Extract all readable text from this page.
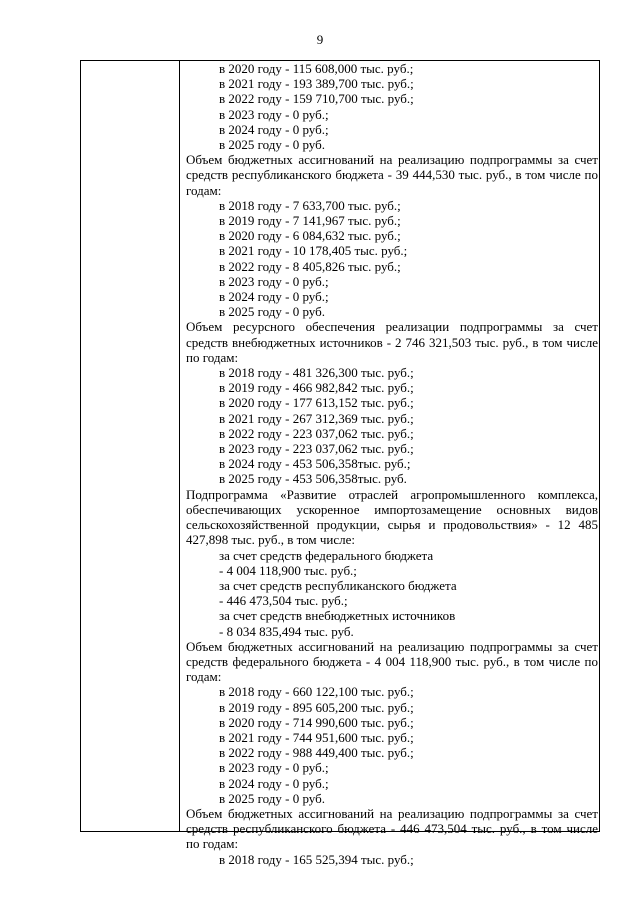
9
в 2020 году - 115 608,000 тыс. руб.;
в 2021 году - 193 389,700 тыс. руб.;
в 2022 году - 159 710,700 тыс. руб.;
в 2023 году - 0 руб.;
в 2024 году - 0 руб.;
в 2025 году - 0 руб.
Объем бюджетных ассигнований на реализацию подпрограммы за счет средств республиканского бюджета - 39 444,530 тыс. руб., в том числе по годам:
в 2018 году - 7 633,700 тыс. руб.;
в 2019 году - 7 141,967 тыс. руб.;
в 2020 году - 6 084,632 тыс. руб.;
в 2021 году - 10 178,405 тыс. руб.;
в 2022 году - 8 405,826 тыс. руб.;
в 2023 году - 0 руб.;
в 2024 году - 0 руб.;
в 2025 году - 0 руб.
Объем ресурсного обеспечения реализации подпрограммы за счет средств внебюджетных источников - 2 746 321,503 тыс. руб., в том числе по годам:
в 2018 году - 481 326,300 тыс. руб.;
в 2019 году - 466 982,842 тыс. руб.;
в 2020 году - 177 613,152 тыс. руб.;
в 2021 году - 267 312,369 тыс. руб.;
в 2022 году - 223 037,062 тыс. руб.;
в 2023 году - 223 037,062 тыс. руб.;
в 2024 году - 453 506,358тыс. руб.;
в 2025 году - 453 506,358тыс. руб.
Подпрограмма «Развитие отраслей агропромышленного комплекса, обеспечивающих ускоренное импортозамещение основных видов сельскохозяйственной продукции, сырья и продовольствия» - 12 485 427,898 тыс. руб., в том числе:
за счет средств федерального бюджета
- 4 004 118,900 тыс. руб.;
за счет средств республиканского бюджета
- 446 473,504 тыс. руб.;
за счет средств внебюджетных источников
- 8 034 835,494 тыс. руб.
Объем бюджетных ассигнований на реализацию подпрограммы за счет средств федерального бюджета - 4 004 118,900 тыс. руб., в том числе по годам:
в 2018 году - 660 122,100 тыс. руб.;
в 2019 году - 895 605,200 тыс. руб.;
в 2020 году - 714 990,600 тыс. руб.;
в 2021 году - 744 951,600 тыс. руб.;
в 2022 году - 988 449,400 тыс. руб.;
в 2023 году - 0 руб.;
в 2024 году - 0 руб.;
в 2025 году - 0 руб.
Объем бюджетных ассигнований на реализацию подпрограммы за счет средств республиканского бюджета - 446 473,504 тыс. руб., в том числе по годам:
в 2018 году - 165 525,394 тыс. руб.;
